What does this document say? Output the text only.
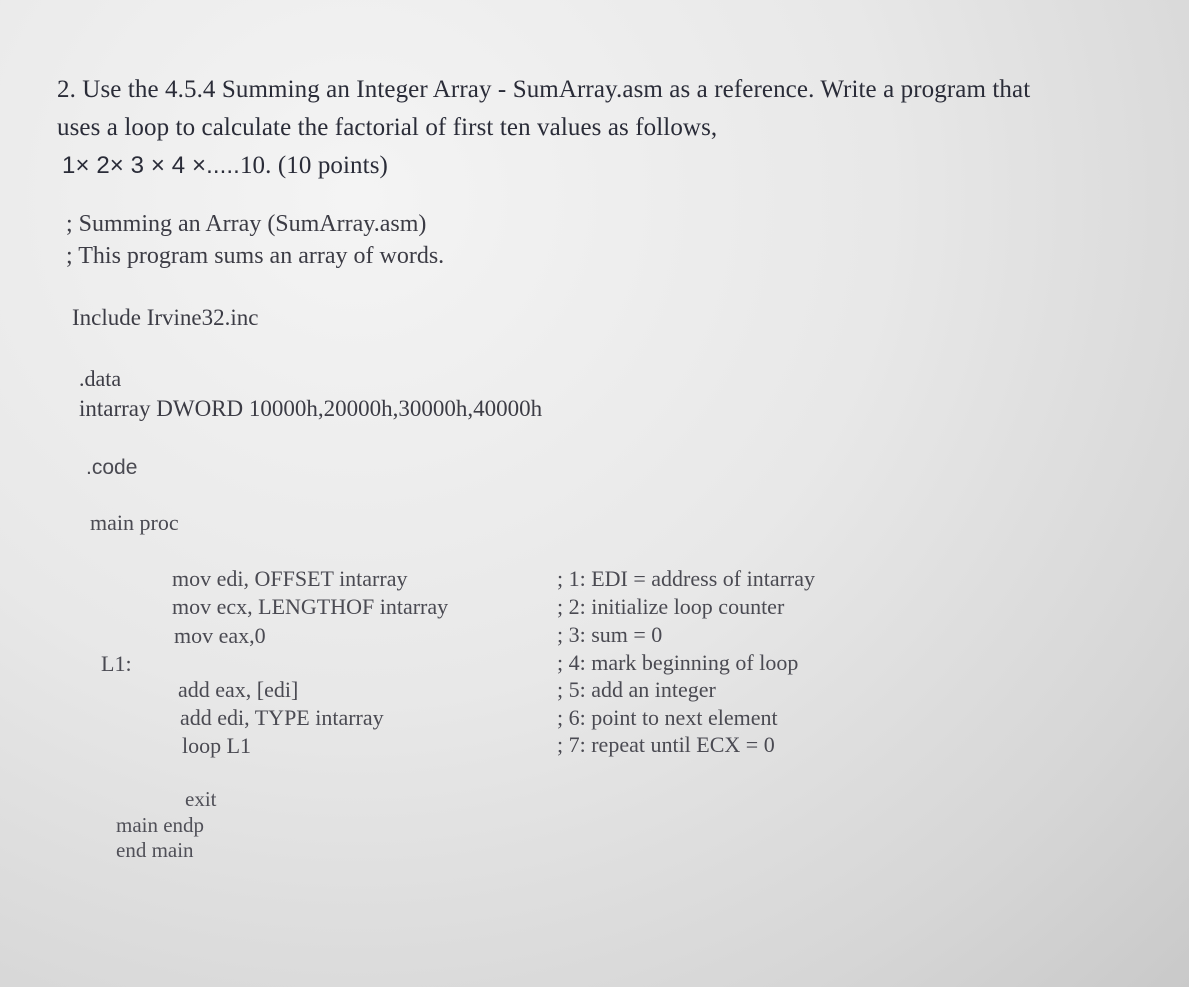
2. Use the 4.5.4 Summing an Integer Array - SumArray.asm as a reference. Write a program that
uses a loop to calculate the factorial of first ten values as follows,
1× 2× 3 × 4 ×.....10. (10 points)
; Summing an Array (SumArray.asm)
; This program sums an array of words.
Include Irvine32.inc
.data
intarray DWORD 10000h,20000h,30000h,40000h
.code
main proc
mov edi, OFFSET intarray
mov ecx, LENGTHOF intarray
mov eax,0
L1:
add eax, [edi]
add edi, TYPE intarray
loop L1
; 1: EDI = address of intarray
; 2: initialize loop counter
; 3: sum = 0
; 4: mark beginning of loop
; 5: add an integer
; 6: point to next element
; 7: repeat until ECX = 0
exit
main endp
end main
